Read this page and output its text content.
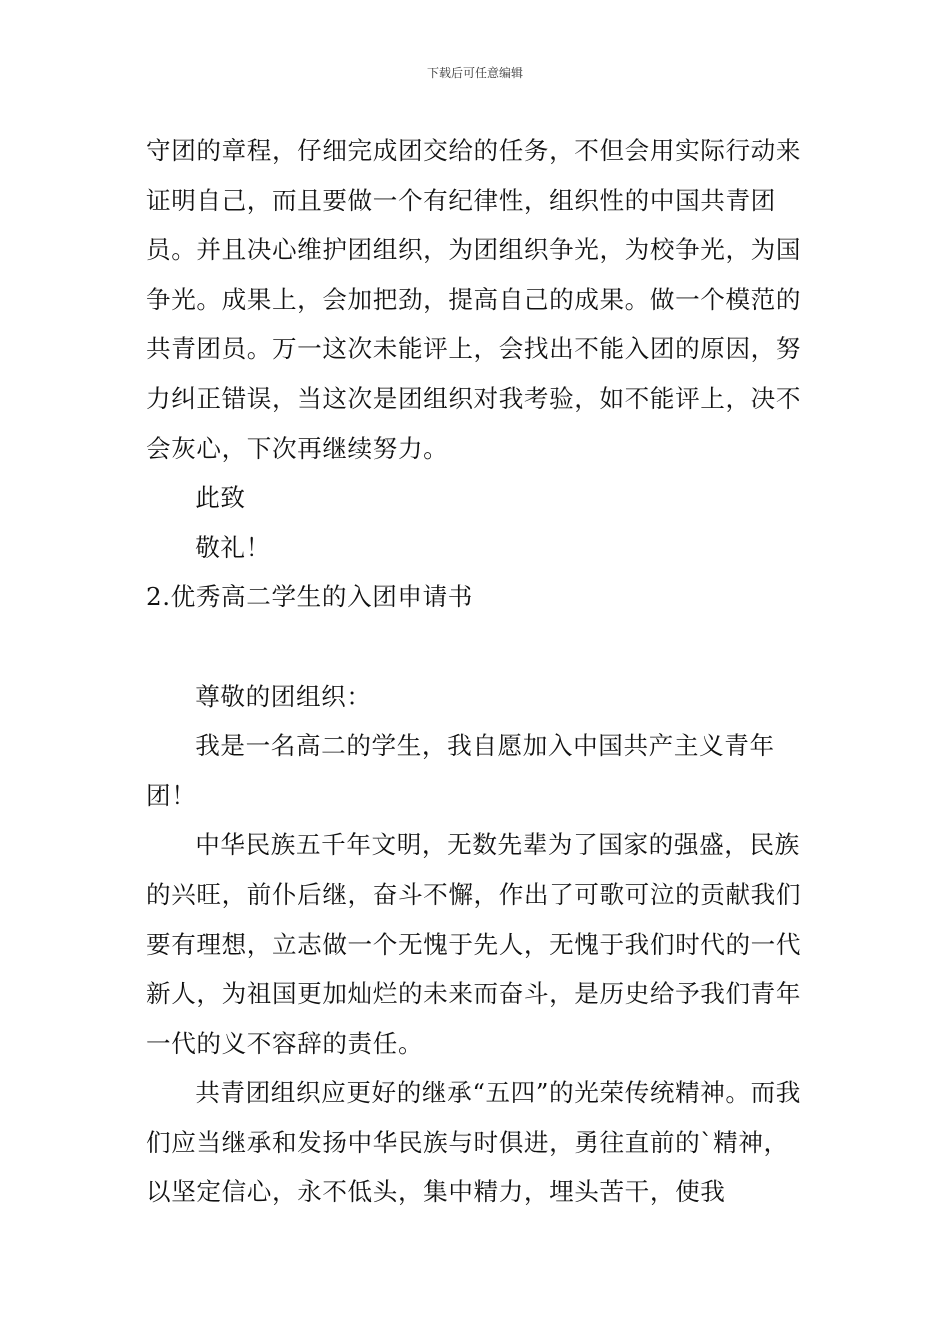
下载后可任意编辑

守团的章程，仔细完成团交给的任务，不但会用实际行动来证明自己，而且要做一个有纪律性，组织性的中国共青团员。并且决心维护团组织，为团组织争光，为校争光，为国争光。成果上，会加把劲，提高自己的成果。做一个模范的共青团员。万一这次未能评上，会找出不能入团的原因，努力纠正错误，当这次是团组织对我考验，如不能评上，决不会灰心，下次再继续努力。

此致

敬礼！

2.优秀高二学生的入团申请书

尊敬的团组织：

我是一名高二的学生，我自愿加入中国共产主义青年团！

中华民族五千年文明，无数先辈为了国家的强盛，民族的兴旺，前仆后继，奋斗不懈，作出了可歌可泣的贡献我们要有理想，立志做一个无愧于先人，无愧于我们时代的一代新人，为祖国更加灿烂的未来而奋斗，是历史给予我们青年一代的义不容辞的责任。

共青团组织应更好的继承“五四”的光荣传统精神。而我们应当继承和发扬中华民族与时俱进，勇往直前的`精神，以坚定信心，永不低头，集中精力，埋头苦干，使我
